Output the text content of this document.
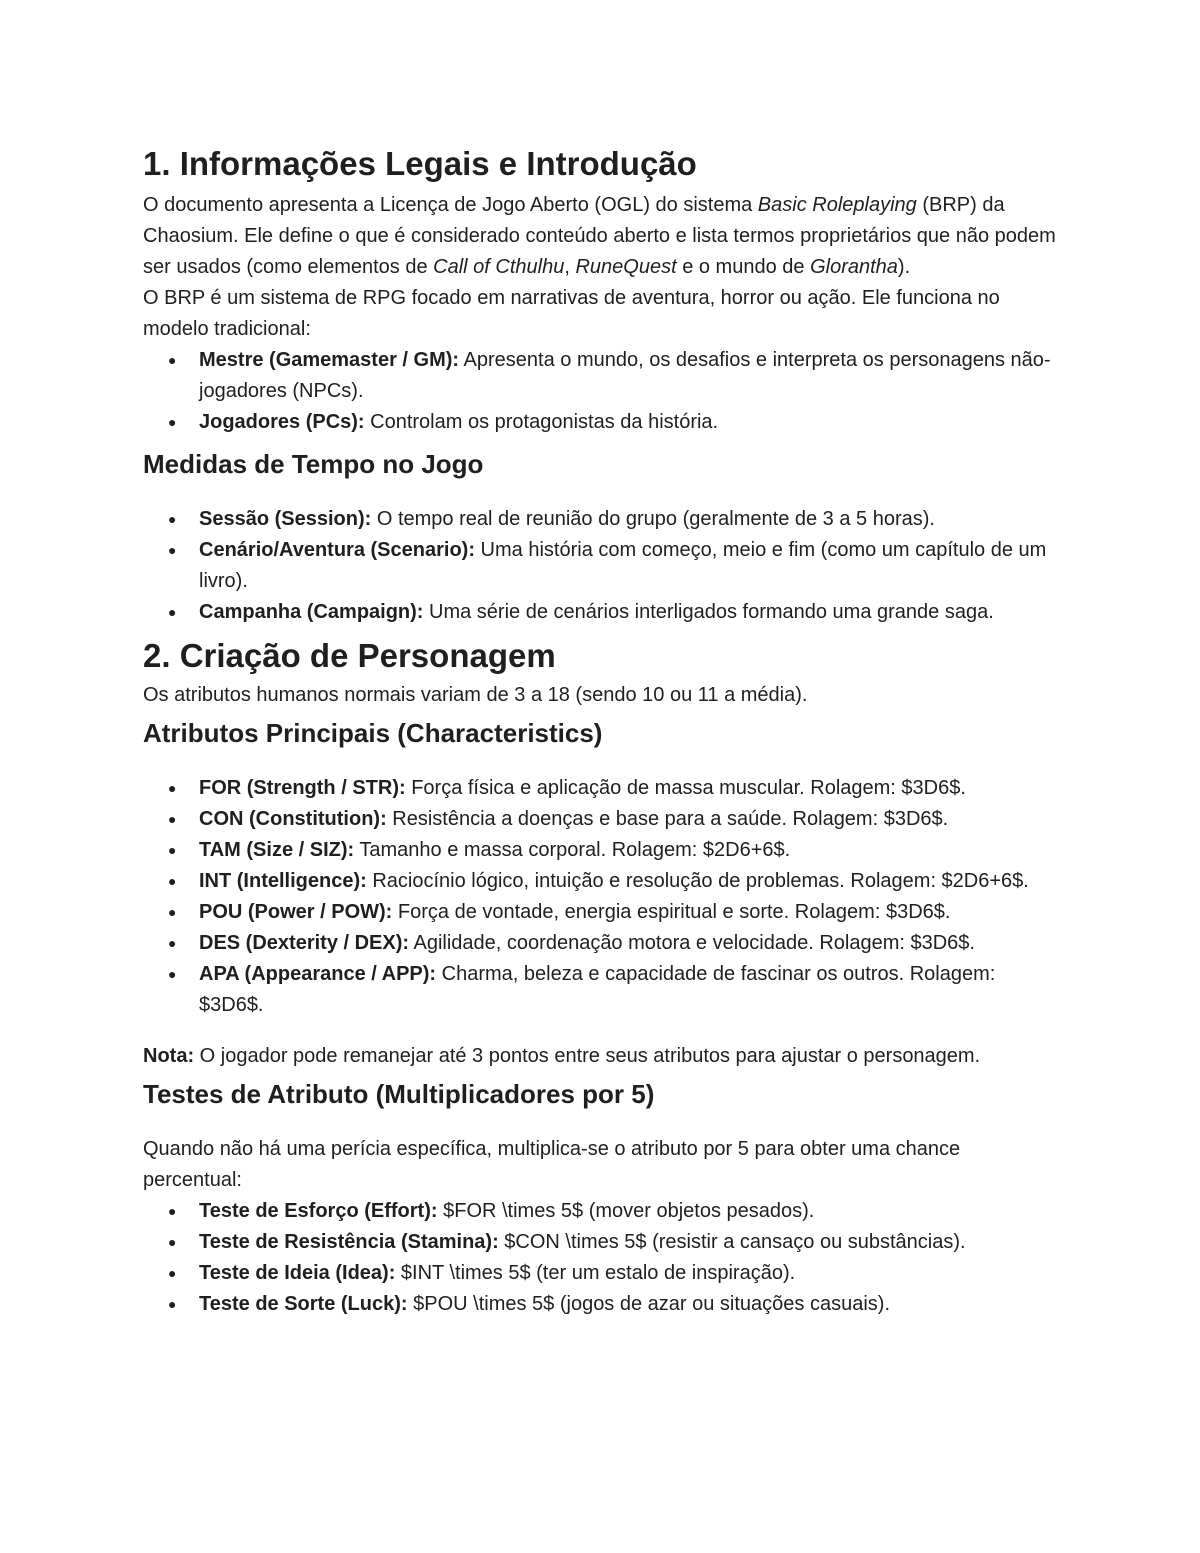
1. Informações Legais e Introdução

O documento apresenta a Licença de Jogo Aberto (OGL) do sistema Basic Roleplaying (BRP) da Chaosium. Ele define o que é considerado conteúdo aberto e lista termos proprietários que não podem ser usados (como elementos de Call of Cthulhu, RuneQuest e o mundo de Glorantha).

O BRP é um sistema de RPG focado em narrativas de aventura, horror ou ação. Ele funciona no modelo tradicional:

● Mestre (Gamemaster / GM): Apresenta o mundo, os desafios e interpreta os personagens não-jogadores (NPCs).
● Jogadores (PCs): Controlam os protagonistas da história.
Medidas de Tempo no Jogo
● Sessão (Session): O tempo real de reunião do grupo (geralmente de 3 a 5 horas).
● Cenário/Aventura (Scenario): Uma história com começo, meio e fim (como um capítulo de um livro).
● Campanha (Campaign): Uma série de cenários interligados formando uma grande saga.
2. Criação de Personagem

Os atributos humanos normais variam de 3 a 18 (sendo 10 ou 11 a média).

Atributos Principais (Characteristics)
● FOR (Strength / STR): Força física e aplicação de massa muscular. Rolagem: $3D6$.
● CON (Constitution): Resistência a doenças e base para a saúde. Rolagem: $3D6$.
● TAM (Size / SIZ): Tamanho e massa corporal. Rolagem: $2D6+6$.
● INT (Intelligence): Raciocínio lógico, intuição e resolução de problemas. Rolagem: $2D6+6$.
● POU (Power / POW): Força de vontade, energia espiritual e sorte. Rolagem: $3D6$.
● DES (Dexterity / DEX): Agilidade, coordenação motora e velocidade. Rolagem: $3D6$.
● APA (Appearance / APP): Charma, beleza e capacidade de fascinar os outros. Rolagem: $3D6$.

Nota: O jogador pode remanejar até 3 pontos entre seus atributos para ajustar o personagem.

Testes de Atributo (Multiplicadores por 5)

Quando não há uma perícia específica, multiplica-se o atributo por 5 para obter uma chance percentual:

● Teste de Esforço (Effort): $FOR \times 5$ (mover objetos pesados).
● Teste de Resistência (Stamina): $CON \times 5$ (resistir a cansaço ou substâncias).
● Teste de Ideia (Idea): $INT \times 5$ (ter um estalo de inspiração).
● Teste de Sorte (Luck): $POU \times 5$ (jogos de azar ou situações casuais).
